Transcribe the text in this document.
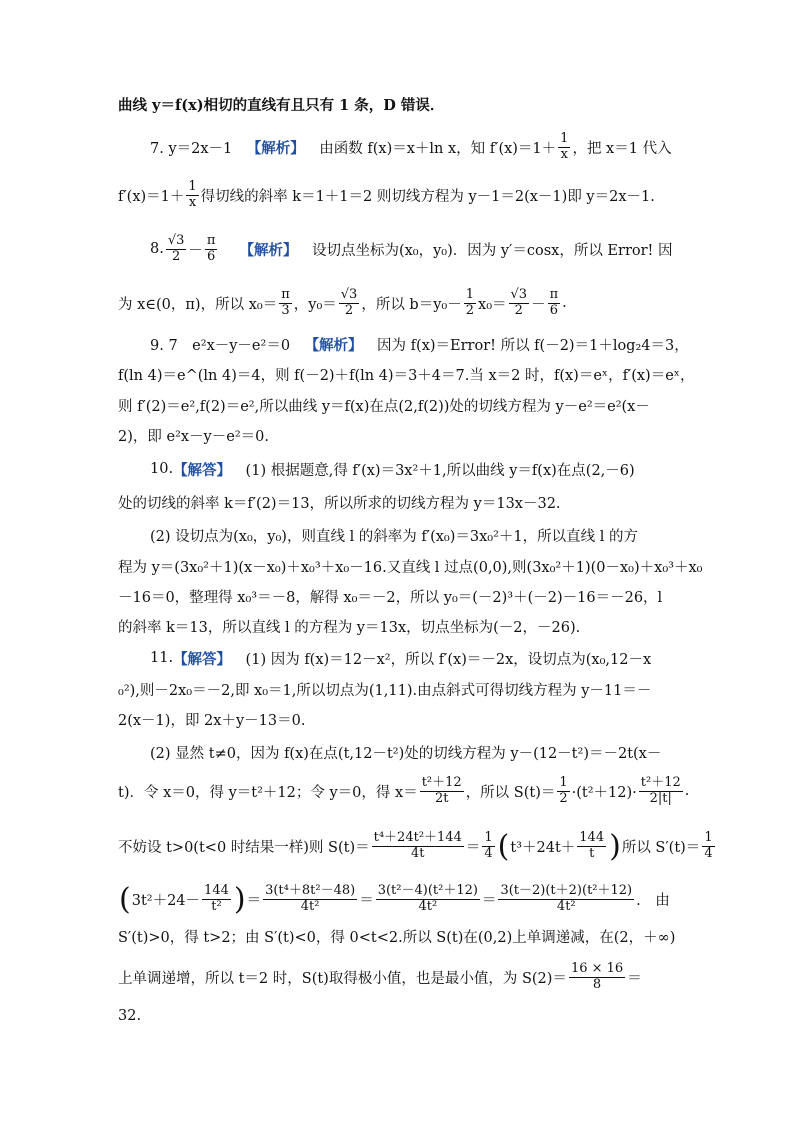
曲线 y＝f(x)相切的直线有且只有 1 条，D 错误．
7. y＝2x－1　 【解析】 　由函数 f(x)＝x＋ln x，知 $f'(x)=1+ \frac{1}{x}$ ，把 x＝1 代入
$f'(x)=1+ \frac{1}{x}$ 得切线的斜率 k＝1＋1＝2 则切线方程为 y－1＝2(x－1)即 y＝2x－1.
8. $\frac{√3}{2} - \frac{\pi}{6}$ 【解析】 　设切点坐标为(x₀，y₀)．因为 y′＝cosx，所以 Error! 因
为 x∈(0，π)，所以 $x_0= \frac{\pi}{3}$ ，$y_0= \frac{√3}{2}$ ，所以 $b=y_0- \frac{1}{2} x_0= \frac{√3}{2} - \frac{\pi}{6}$ .
9. 7　e²x－y－e²＝0　 【解析】 　因为 f(x)＝Error! 所以 f(－2)＝1＋log₂4＝3，
f(ln 4)＝e^(ln 4)＝4，则 f(－2)＋f(ln 4)＝3＋4＝7.当 x＝2 时，f(x)＝eˣ，f′(x)＝eˣ，
则 f′(2)＝e²,f(2)＝e²,所以曲线 y＝f(x)在点(2,f(2))处的切线方程为 y－e²＝e²(x－
2)，即 e²x－y－e²＝0.
10. 【解答】 　(1) 根据题意,得 f′(x)＝3x²＋1,所以曲线 y＝f(x)在点(2,－6)
处的切线的斜率 k＝f′(2)＝13，所以所求的切线方程为 y＝13x－32.
(2) 设切点为(x₀，y₀)，则直线 l 的斜率为 f′(x₀)＝3x₀²＋1，所以直线 l 的方
程为 y＝(3x₀²＋1)(x－x₀)＋x₀³＋x₀－16.又直线 l 过点(0,0),则(3x₀²＋1)(0－x₀)＋x₀³＋x₀
－16＝0，整理得 x₀³＝－8，解得 x₀＝－2，所以 y₀＝(－2)³＋(－2)－16＝－26，l
的斜率 k＝13，所以直线 l 的方程为 y＝13x，切点坐标为(－2，－26).
11. 【解答】 　(1) 因为 f(x)＝12－x²，所以 f′(x)＝－2x，设切点为(x₀,12－x
₀²),则－2x₀＝－2,即 x₀＝1,所以切点为(1,11).由点斜式可得切线方程为 y－11＝－
2(x－1)，即 2x＋y－13＝0.
(2) 显然 t≠0，因为 f(x)在点(t,12－t²)处的切线方程为 y－(12－t²)＝－2t(x－
t)．令 x＝0，得 y＝t²＋12；令 y＝0，得 $x= \frac{\text{t²＋12}}{2t}$ ，所以 $S(t)= \frac{1}{2} \cdot(t^2+12)\cdot \frac{\text{t²＋12}}{2|t|}$ .
不妨设 t>0(t<0 时结果一样)则 $S(t)= \frac{\text{t⁴＋24t²＋144}}{4t} = \frac{1}{4}$ ( $t^3+24t+ \frac{144}{t}$ ) 所以 $S'(t)= \frac{1}{4}$
( $3t^2+24- \frac{144}{\text{t²}}$ ) ＝ $\frac{\text{3(t⁴＋8t²－48)}}{\text{4t²}} = \frac{\text{3(t²－4)(t²＋12)}}{\text{4t²}} = \frac{\text{3(t－2)(t＋2)(t²＋12)}}{\text{4t²}}$ .　由
S′(t)>0，得 t>2；由 S′(t)<0，得 0<t<2.所以 S(t)在(0,2)上单调递减，在(2，＋∞)
上单调递增，所以 t＝2 时，S(t)取得极小值，也是最小值，为 $S(2)= \frac{16 \times 16}{8}$ ＝
32.
